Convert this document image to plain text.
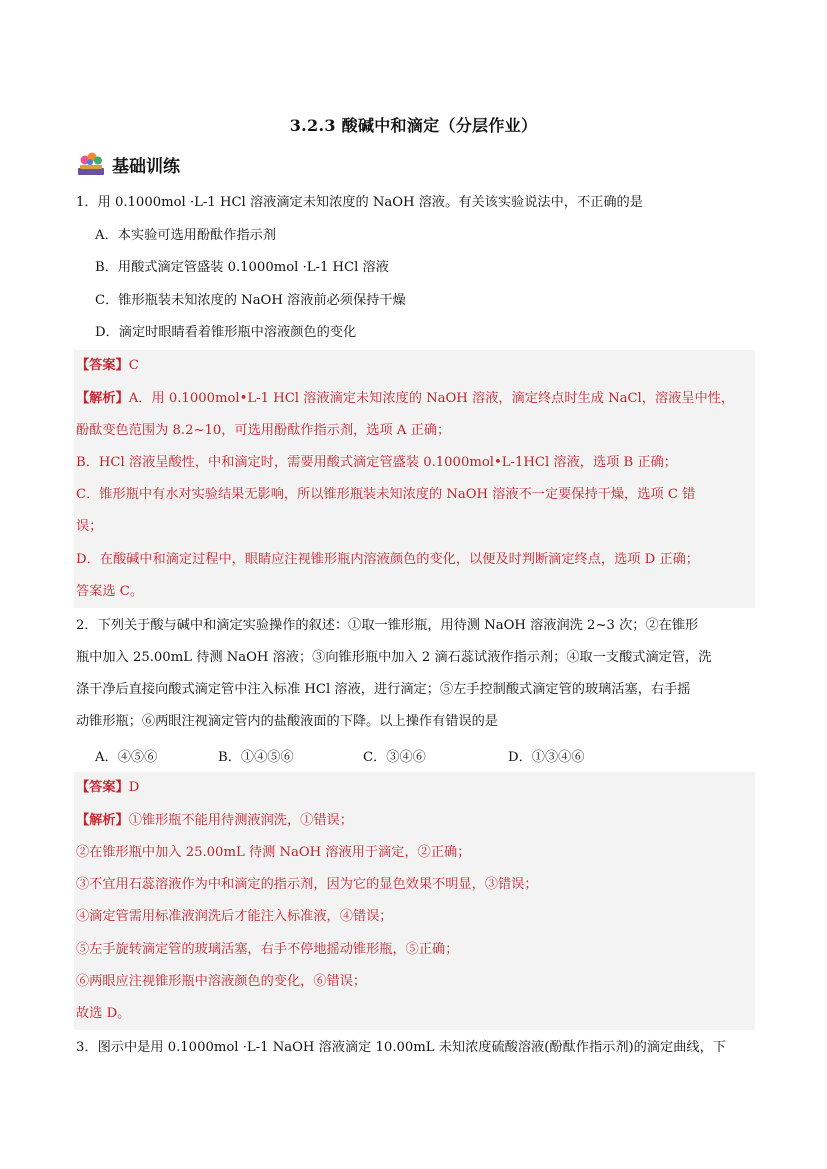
3.2.3 酸碱中和滴定（分层作业）
基础训练
1．用 0.1000mol ·L-1 HCl 溶液滴定未知浓度的 NaOH 溶液。有关该实验说法中，不正确的是
A．本实验可选用酚酞作指示剂
B．用酸式滴定管盛装 0.1000mol ·L-1 HCl 溶液
C．锥形瓶装未知浓度的 NaOH 溶液前必须保持干燥
D．滴定时眼睛看着锥形瓶中溶液颜色的变化
【答案】C
【解析】A．用 0.1000mol•L-1 HCl 溶液滴定未知浓度的 NaOH 溶液，滴定终点时生成 NaCl，溶液呈中性，
酚酞变色范围为 8.2~10，可选用酚酞作指示剂，选项 A 正确；
B．HCl 溶液呈酸性，中和滴定时，需要用酸式滴定管盛装 0.1000mol•L-1HCl 溶液，选项 B 正确；
C．锥形瓶中有水对实验结果无影响，所以锥形瓶装未知浓度的 NaOH 溶液不一定要保持干燥，选项 C 错
误；
D．在酸碱中和滴定过程中，眼睛应注视锥形瓶内溶液颜色的变化，以便及时判断滴定终点，选项 D 正确；
答案选 C。
2．下列关于酸与碱中和滴定实验操作的叙述：①取一锥形瓶，用待测 NaOH 溶液润洗 2~3 次；②在锥形
瓶中加入 25.00mL 待测 NaOH 溶液；③向锥形瓶中加入 2 滴石蕊试液作指示剂；④取一支酸式滴定管，洗
涤干净后直接向酸式滴定管中注入标准 HCl 溶液，进行滴定；⑤左手控制酸式滴定管的玻璃活塞，右手摇
动锥形瓶；⑥两眼注视滴定管内的盐酸液面的下降。以上操作有错误的是
A．④⑤⑥	B．①④⑤⑥	C．③④⑥	D．①③④⑥
【答案】D
【解析】①锥形瓶不能用待测液润洗，①错误；
②在锥形瓶中加入 25.00mL 待测 NaOH 溶液用于滴定，②正确；
③不宜用石蕊溶液作为中和滴定的指示剂，因为它的显色效果不明显，③错误；
④滴定管需用标准液润洗后才能注入标准液，④错误；
⑤左手旋转滴定管的玻璃活塞，右手不停地摇动锥形瓶，⑤正确；
⑥两眼应注视锥形瓶中溶液颜色的变化，⑥错误；
故选 D。
3．图示中是用 0.1000mol ·L-1 NaOH 溶液滴定 10.00mL 未知浓度硫酸溶液(酚酞作指示剂)的滴定曲线，下
